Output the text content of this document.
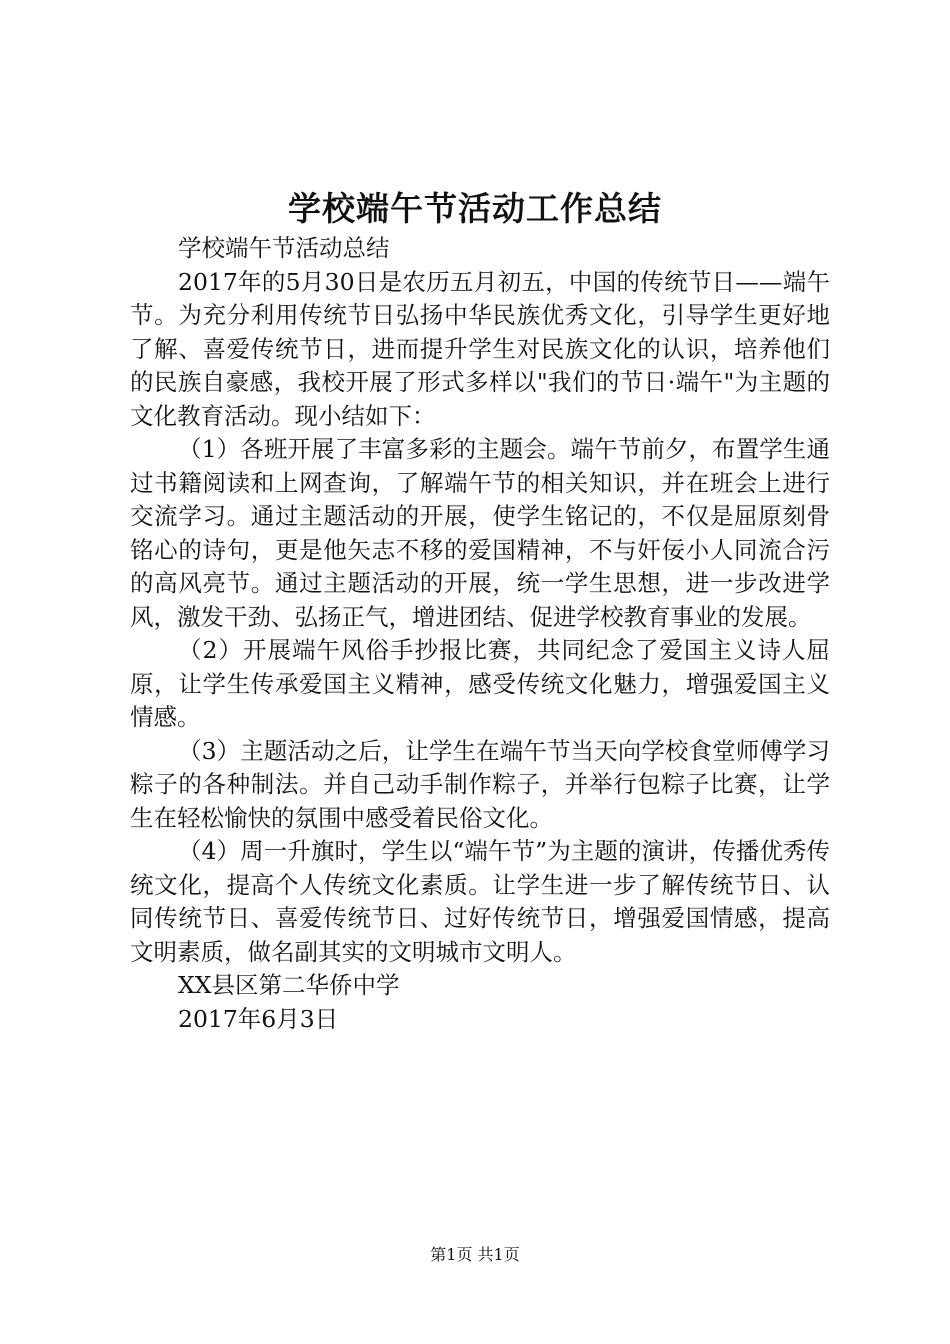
学校端午节活动工作总结

学校端午节活动总结

2017年的5月30日是农历五月初五，中国的传统节日——端午节。为充分利用传统节日弘扬中华民族优秀文化，引导学生更好地了解、喜爱传统节日，进而提升学生对民族文化的认识，培养他们的民族自豪感，我校开展了形式多样以"我们的节日·端午"为主题的文化教育活动。现小结如下：

（1）各班开展了丰富多彩的主题会。端午节前夕，布置学生通过书籍阅读和上网查询，了解端午节的相关知识，并在班会上进行交流学习。通过主题活动的开展，使学生铭记的，不仅是屈原刻骨铭心的诗句，更是他矢志不移的爱国精神，不与奸佞小人同流合污的高风亮节。通过主题活动的开展，统一学生思想，进一步改进学风，激发干劲、弘扬正气，增进团结、促进学校教育事业的发展。

（2）开展端午风俗手抄报比赛，共同纪念了爱国主义诗人屈原，让学生传承爱国主义精神，感受传统文化魅力，增强爱国主义情感。

（3）主题活动之后，让学生在端午节当天向学校食堂师傅学习粽子的各种制法。并自己动手制作粽子，并举行包粽子比赛，让学生在轻松愉快的氛围中感受着民俗文化。

（4）周一升旗时，学生以“端午节”为主题的演讲，传播优秀传统文化，提高个人传统文化素质。让学生进一步了解传统节日、认同传统节日、喜爱传统节日、过好传统节日，增强爱国情感，提高文明素质，做名副其实的文明城市文明人。

XX县区第二华侨中学

2017年6月3日

第1页 共1页
